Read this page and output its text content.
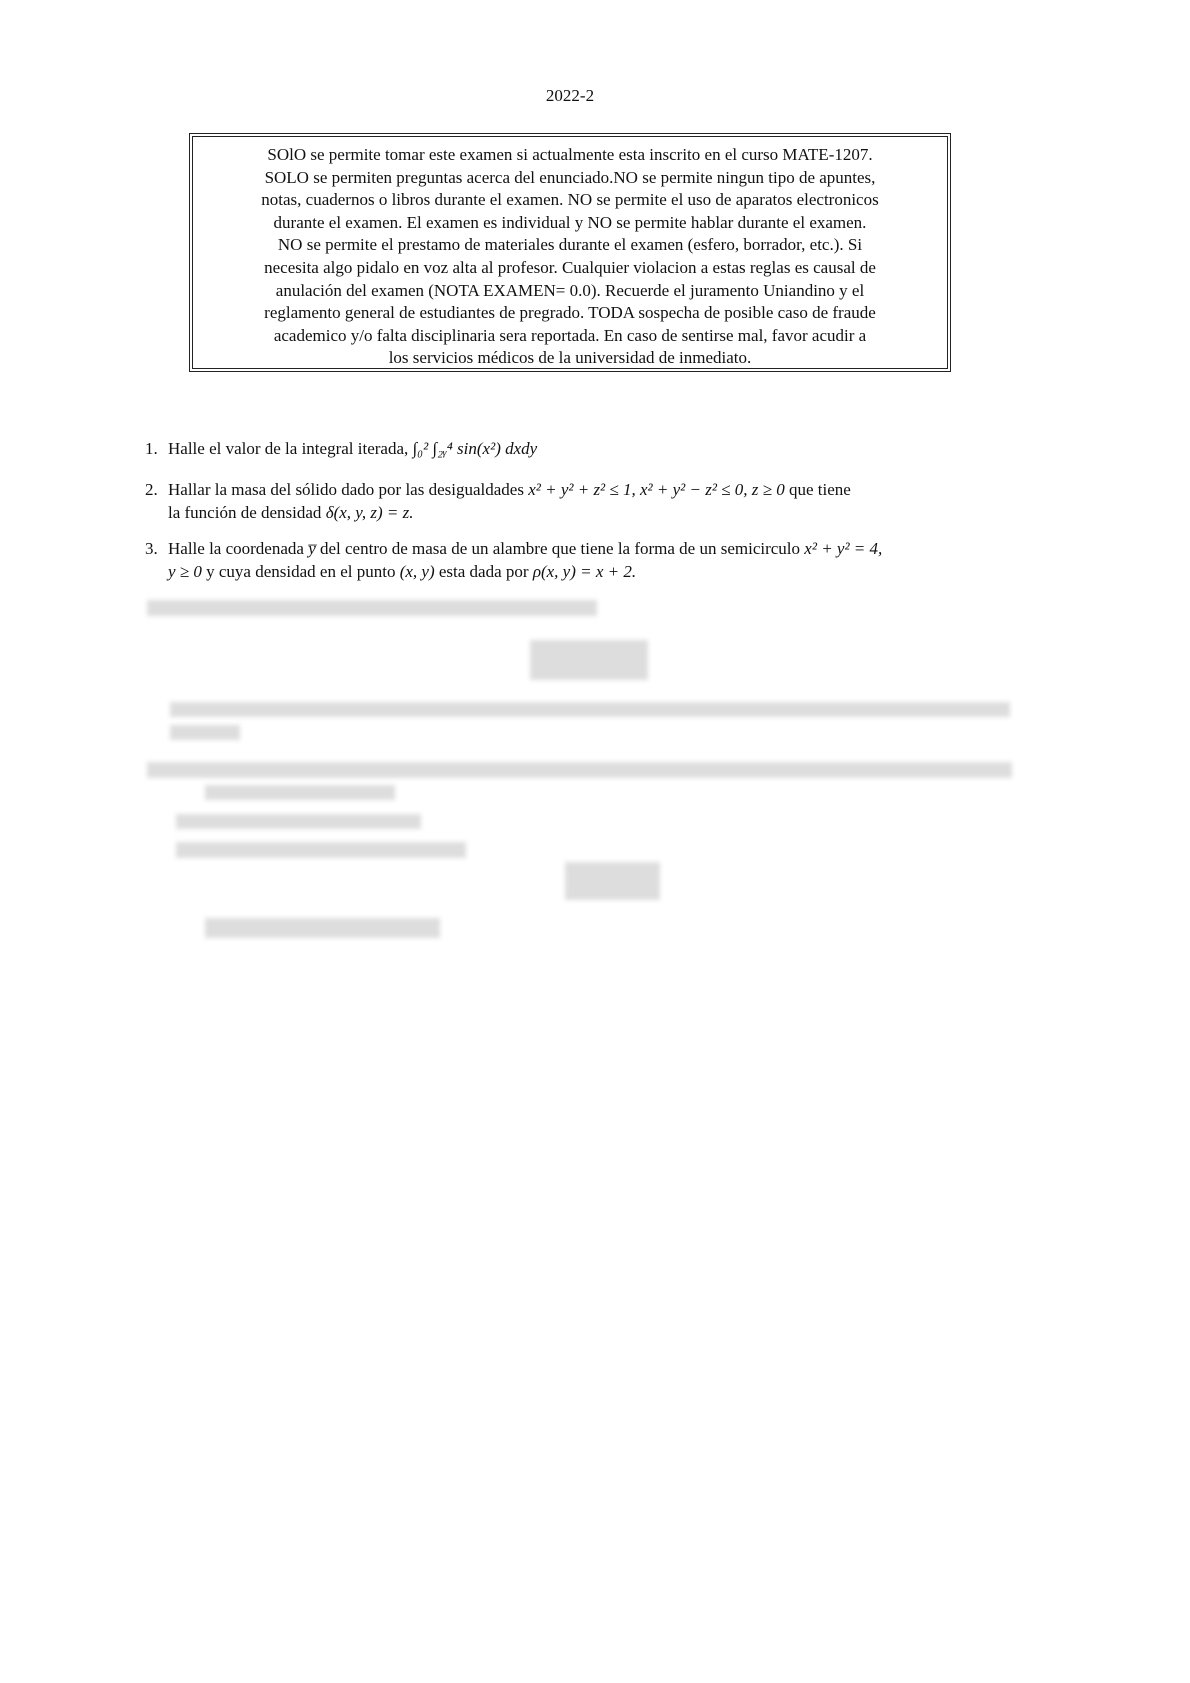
2022-2
SOlO se permite tomar este examen si actualmente esta inscrito en el curso MATE-1207.
SOLO se permiten preguntas acerca del enunciado.NO se permite ningun tipo de apuntes,
notas, cuadernos o libros durante el examen. NO se permite el uso de aparatos electronicos
durante el examen. El examen es individual y NO se permite hablar durante el examen.
NO se permite el prestamo de materiales durante el examen (esfero, borrador, etc.). Si
necesita algo pidalo en voz alta al profesor. Cualquier violacion a estas reglas es causal de
anulación del examen (NOTA EXAMEN= 0.0). Recuerde el juramento Uniandino y el
reglamento general de estudiantes de pregrado. TODA sospecha de posible caso de fraude
academico y/o falta disciplinaria sera reportada. En caso de sentirse mal, favor acudir a
los servicios médicos de la universidad de inmediato.
1. Halle el valor de la integral iterada, ∫₀² ∫₂ᵧ⁴ sin(x²) dxdy
2. Hallar la masa del sólido dado por las desigualdades x² + y² + z² ≤ 1, x² + y² − z² ≤ 0, z ≥ 0 que tiene
la función de densidad δ(x, y, z) = z.
3. Halle la coordenada y̅ del centro de masa de un alambre que tiene la forma de un semicirculo x² + y² = 4,
y ≥ 0 y cuya densidad en el punto (x, y) esta dada por ρ(x, y) = x + 2.
